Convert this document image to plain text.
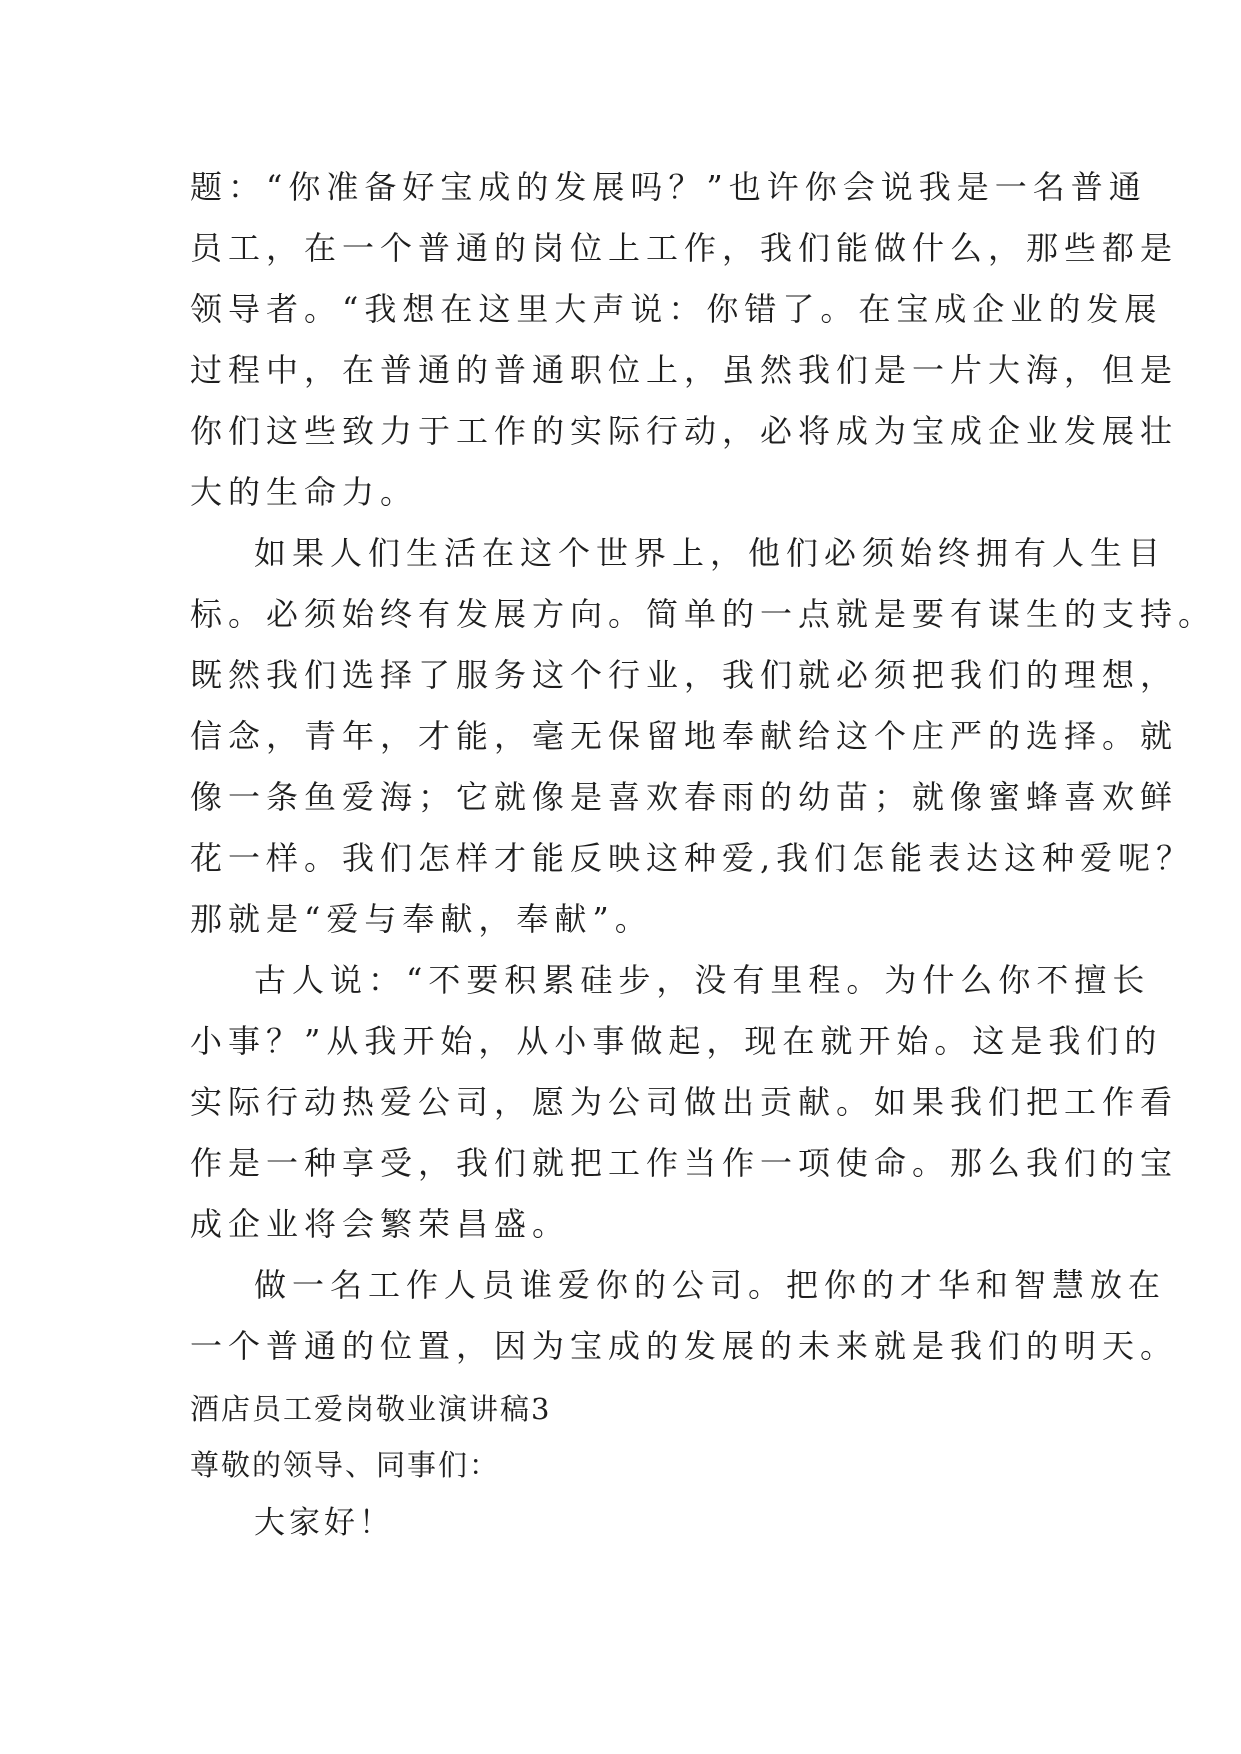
题：“你准备好宝成的发展吗？”也许你会说我是一名普通
员工，在一个普通的岗位上工作，我们能做什么，那些都是
领导者。“我想在这里大声说：你错了。在宝成企业的发展
过程中，在普通的普通职位上，虽然我们是一片大海，但是
你们这些致力于工作的实际行动，必将成为宝成企业发展壮
大的生命力。
如果人们生活在这个世界上，他们必须始终拥有人生目
标。必须始终有发展方向。简单的一点就是要有谋生的支持。
既然我们选择了服务这个行业，我们就必须把我们的理想，
信念，青年，才能，毫无保留地奉献给这个庄严的选择。就
像一条鱼爱海；它就像是喜欢春雨的幼苗；就像蜜蜂喜欢鲜
花一样。我们怎样才能反映这种爱,我们怎能表达这种爱呢？
那就是“爱与奉献，奉献”。
古人说：“不要积累硅步，没有里程。为什么你不擅长
小事？”从我开始，从小事做起，现在就开始。这是我们的
实际行动热爱公司，愿为公司做出贡献。如果我们把工作看
作是一种享受，我们就把工作当作一项使命。那么我们的宝
成企业将会繁荣昌盛。
做一名工作人员谁爱你的公司。把你的才华和智慧放在
一个普通的位置，因为宝成的发展的未来就是我们的明天。
酒店员工爱岗敬业演讲稿3
尊敬的领导、同事们：
大家好！
